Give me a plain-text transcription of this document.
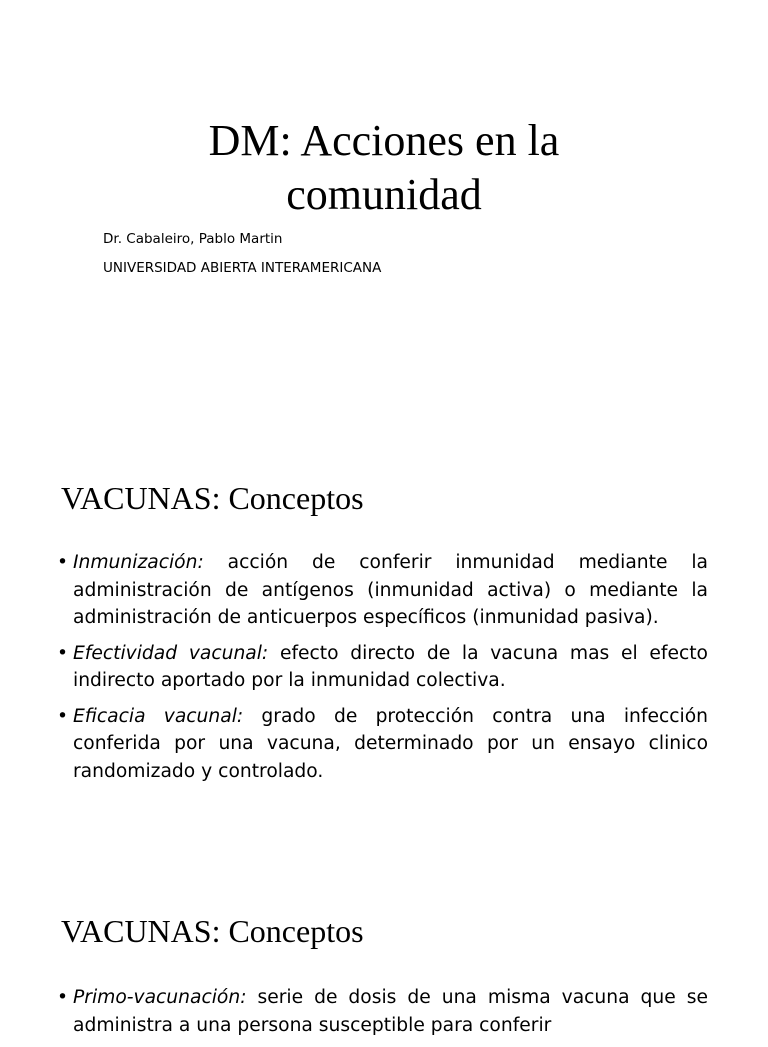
DM: Acciones en la
comunidad

Dr. Cabaleiro, Pablo Martin

UNIVERSIDAD ABIERTA INTERAMERICANA

VACUNAS: Conceptos
• Inmunización: acción de conferir inmunidad mediante la administración de antígenos (inmunidad activa) o mediante la administración de anticuerpos específicos (inmunidad pasiva).
• Efectividad vacunal: efecto directo de la vacuna mas el efecto indirecto aportado por la inmunidad colectiva.
• Eficacia vacunal: grado de protección contra una infección conferida por una vacuna, determinado por un ensayo clinico randomizado y controlado.
VACUNAS: Conceptos
• Primo-vacunación: serie de dosis de una misma vacuna que se administra a una persona susceptible para conferir
